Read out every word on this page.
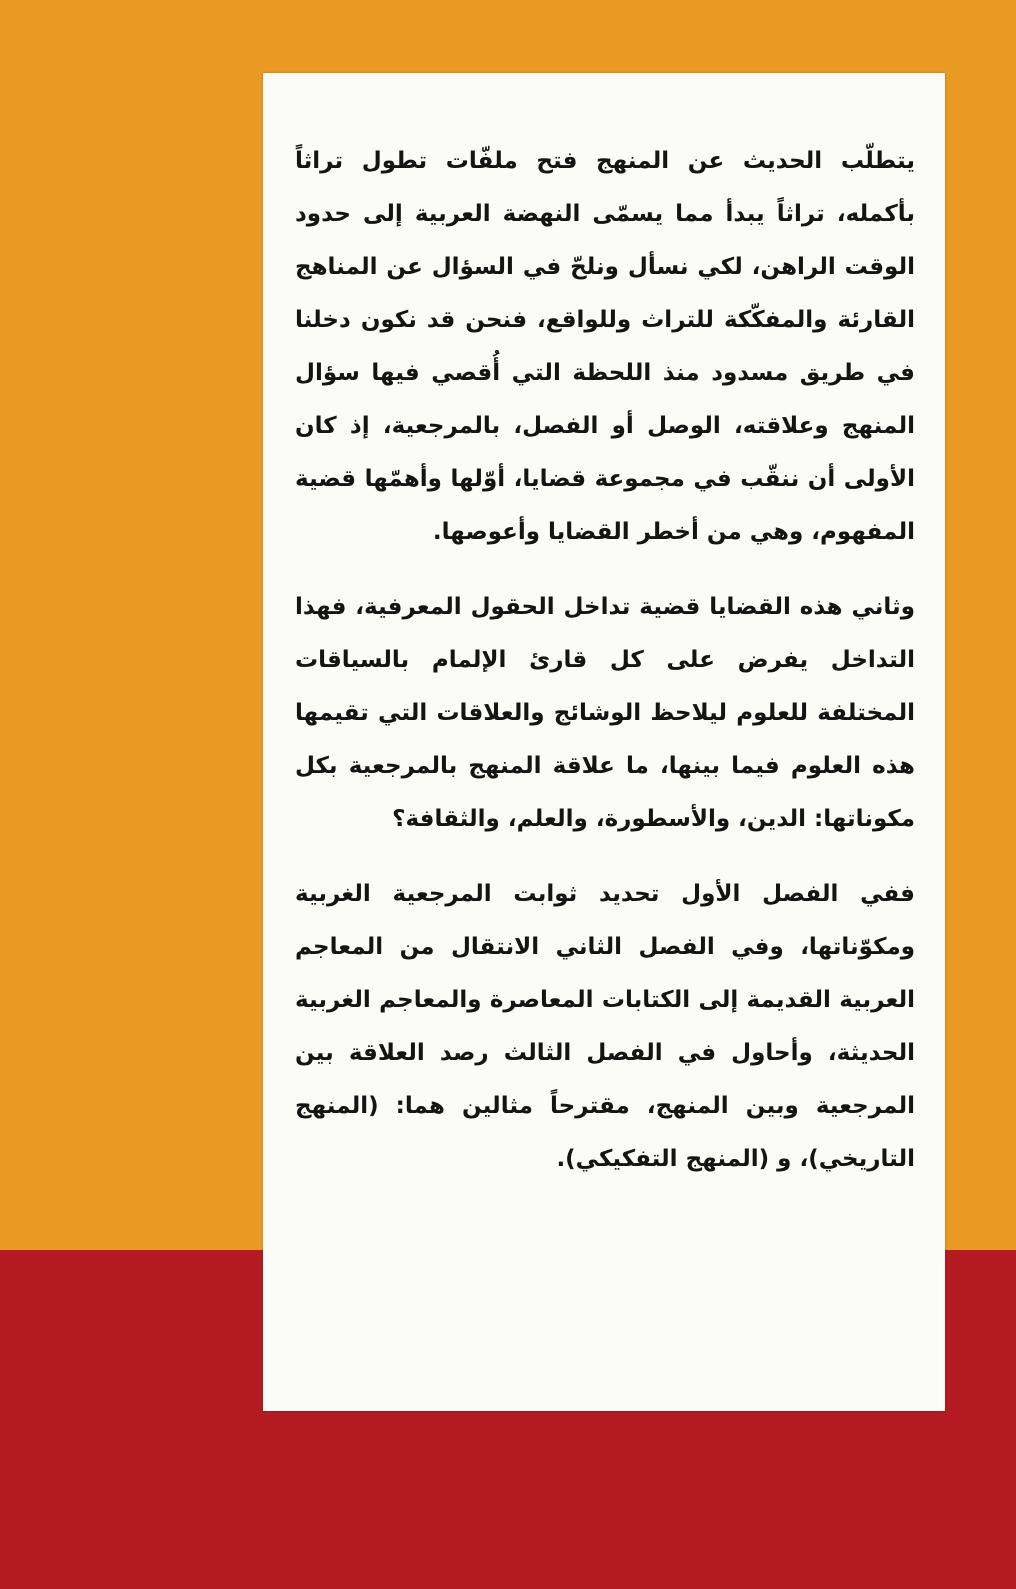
يتطلّب الحديث عن المنهج فتح ملفّات تطول تراثاً بأكمله، تراثاً يبدأ مما يسمّى النهضة العربية إلى حدود الوقت الراهن، لكي نسأل ونلحّ في السؤال عن المناهج القارئة والمفكّكة للتراث وللواقع، فنحن قد نكون دخلنا في طريق مسدود منذ اللحظة التي أُقصي فيها سؤال المنهج وعلاقته، الوصل أو الفصل، بالمرجعية، إذ كان الأولى أن ننقّب في مجموعة قضايا، أوّلها وأهمّها قضية المفهوم، وهي من أخطر القضايا وأعوصها.

وثاني هذه القضايا قضية تداخل الحقول المعرفية، فهذا التداخل يفرض على كل قارئ الإلمام بالسياقات المختلفة للعلوم ليلاحظ الوشائج والعلاقات التي تقيمها هذه العلوم فيما بينها، ما علاقة المنهج بالمرجعية بكل مكوناتها: الدين، والأسطورة، والعلم، والثقافة؟

ففي الفصل الأول تحديد ثوابت المرجعية الغربية ومكوّناتها، وفي الفصل الثاني الانتقال من المعاجم العربية القديمة إلى الكتابات المعاصرة والمعاجم الغربية الحديثة، وأحاول في الفصل الثالث رصد العلاقة بين المرجعية وبين المنهج، مقترحاً مثالين هما: (المنهج التاريخي)، و (المنهج التفكيكي).
